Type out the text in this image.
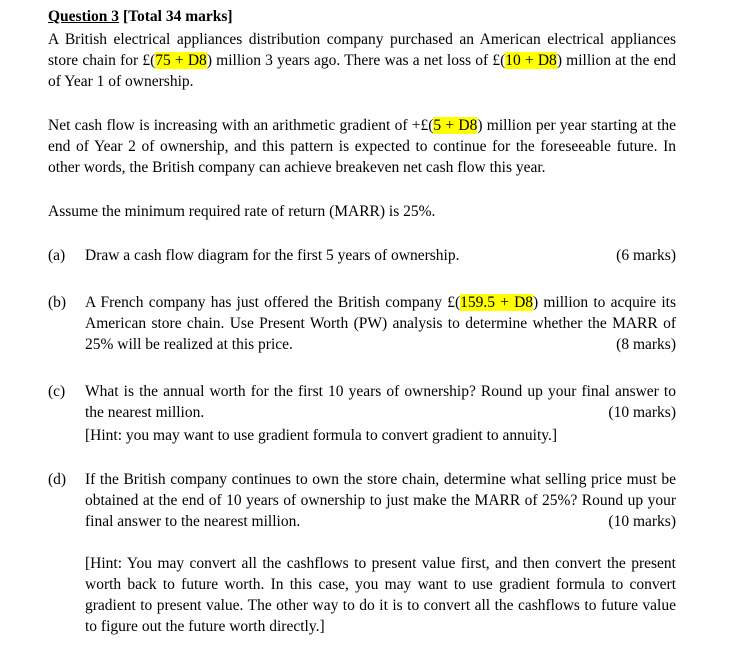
Question 3 [Total 34 marks]
A British electrical appliances distribution company purchased an American electrical appliances store chain for £(75 + D8) million 3 years ago. There was a net loss of £(10 + D8) million at the end of Year 1 of ownership.
Net cash flow is increasing with an arithmetic gradient of +£(5 + D8) million per year starting at the end of Year 2 of ownership, and this pattern is expected to continue for the foreseeable future. In other words, the British company can achieve breakeven net cash flow this year.
Assume the minimum required rate of return (MARR) is 25%.
(a) Draw a cash flow diagram for the first 5 years of ownership.	(6 marks)
(b) A French company has just offered the British company £(159.5 + D8) million to acquire its American store chain. Use Present Worth (PW) analysis to determine whether the MARR of 25% will be realized at this price.	(8 marks)
(c) What is the annual worth for the first 10 years of ownership? Round up your final answer to the nearest million.	(10 marks)
[Hint: you may want to use gradient formula to convert gradient to annuity.]
(d) If the British company continues to own the store chain, determine what selling price must be obtained at the end of 10 years of ownership to just make the MARR of 25%? Round up your final answer to the nearest million.	(10 marks)
[Hint: You may convert all the cashflows to present value first, and then convert the present worth back to future worth. In this case, you may want to use gradient formula to convert gradient to present value. The other way to do it is to convert all the cashflows to future value to figure out the future worth directly.]
